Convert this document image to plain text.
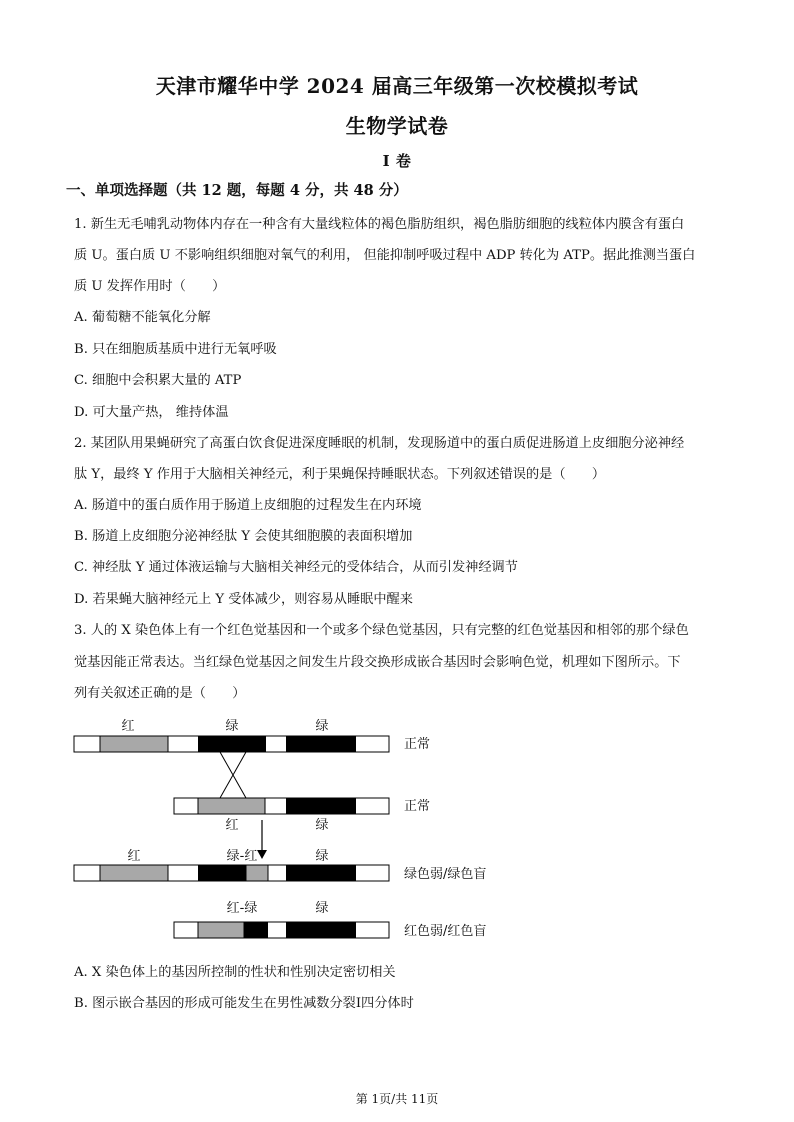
天津市耀华中学 2024 届高三年级第一次校模拟考试
生物学试卷
I 卷
一、单项选择题（共 12 题，每题 4 分，共 48 分）
1. 新生无毛哺乳动物体内存在一种含有大量线粒体的褐色脂肪组织，褐色脂肪细胞的线粒体内膜含有蛋白
质 U。蛋白质 U 不影响组织细胞对氧气的利用， 但能抑制呼吸过程中 ADP 转化为 ATP。据此推测当蛋白
质 U 发挥作用时（　　）
A. 葡萄糖不能氧化分解
B. 只在细胞质基质中进行无氧呼吸
C. 细胞中会积累大量的 ATP
D. 可大量产热， 维持体温
2. 某团队用果蝇研究了高蛋白饮食促进深度睡眠的机制，发现肠道中的蛋白质促进肠道上皮细胞分泌神经
肽 Y，最终 Y 作用于大脑相关神经元，利于果蝇保持睡眠状态。下列叙述错误的是（　　）
A. 肠道中的蛋白质作用于肠道上皮细胞的过程发生在内环境
B. 肠道上皮细胞分泌神经肽 Y 会使其细胞膜的表面积增加
C. 神经肽 Y 通过体液运输与大脑相关神经元的受体结合，从而引发神经调节
D. 若果蝇大脑神经元上 Y 受体减少，则容易从睡眠中醒来
3. 人的 X 染色体上有一个红色觉基因和一个或多个绿色觉基因，只有完整的红色觉基因和相邻的那个绿色
觉基因能正常表达。当红绿色觉基因之间发生片段交换形成嵌合基因时会影响色觉，机理如下图所示。下
列有关叙述正确的是（　　）
红	绿	绿
正常
正常
红	绿
红	绿-红	绿
绿色弱/绿色盲
红-绿	绿
红色弱/红色盲
A. X 染色体上的基因所控制的性状和性别决定密切相关
B. 图示嵌合基因的形成可能发生在男性减数分裂Ⅰ四分体时
第 1页/共 11页
